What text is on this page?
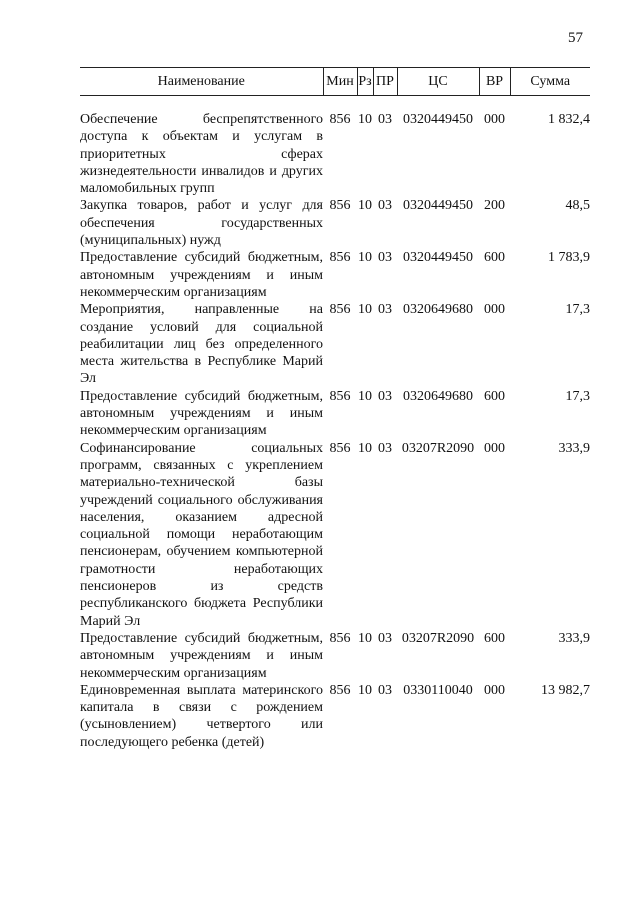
57
Наименование	Мин	Рз	ПР	ЦС	ВР	Сумма

Обеспечение беспрепятственного доступа к объектам и услугам в приоритетных сферах жизнедеятельности инвалидов и других маломобильных групп	856	10	03	0320449450	000	1 832,4
Закупка товаров, работ и услуг для обеспечения государственных (муниципальных) нужд	856	10	03	0320449450	200	48,5
Предоставление субсидий бюджетным, автономным учреждениям и иным некоммерческим организациям	856	10	03	0320449450	600	1 783,9
Мероприятия, направленные на создание условий для социальной реабилитации лиц без определенного места жительства в Республике Марий Эл	856	10	03	0320649680	000	17,3
Предоставление субсидий бюджетным, автономным учреждениям и иным некоммерческим организациям	856	10	03	0320649680	600	17,3
Софинансирование социальных программ, связанных с укреплением материально-технической базы учреждений социального обслуживания населения, оказанием адресной социальной помощи неработающим пенсионерам, обучением компьютерной грамотности неработающих пенсионеров из средств республиканского бюджета Республики Марий Эл	856	10	03	03207R2090	000	333,9
Предоставление субсидий бюджетным, автономным учреждениям и иным некоммерческим организациям	856	10	03	03207R2090	600	333,9
Единовременная выплата материнского капитала в связи с рождением (усыновлением) четвертого или последующего ребенка (детей)	856	10	03	0330110040	000	13 982,7
